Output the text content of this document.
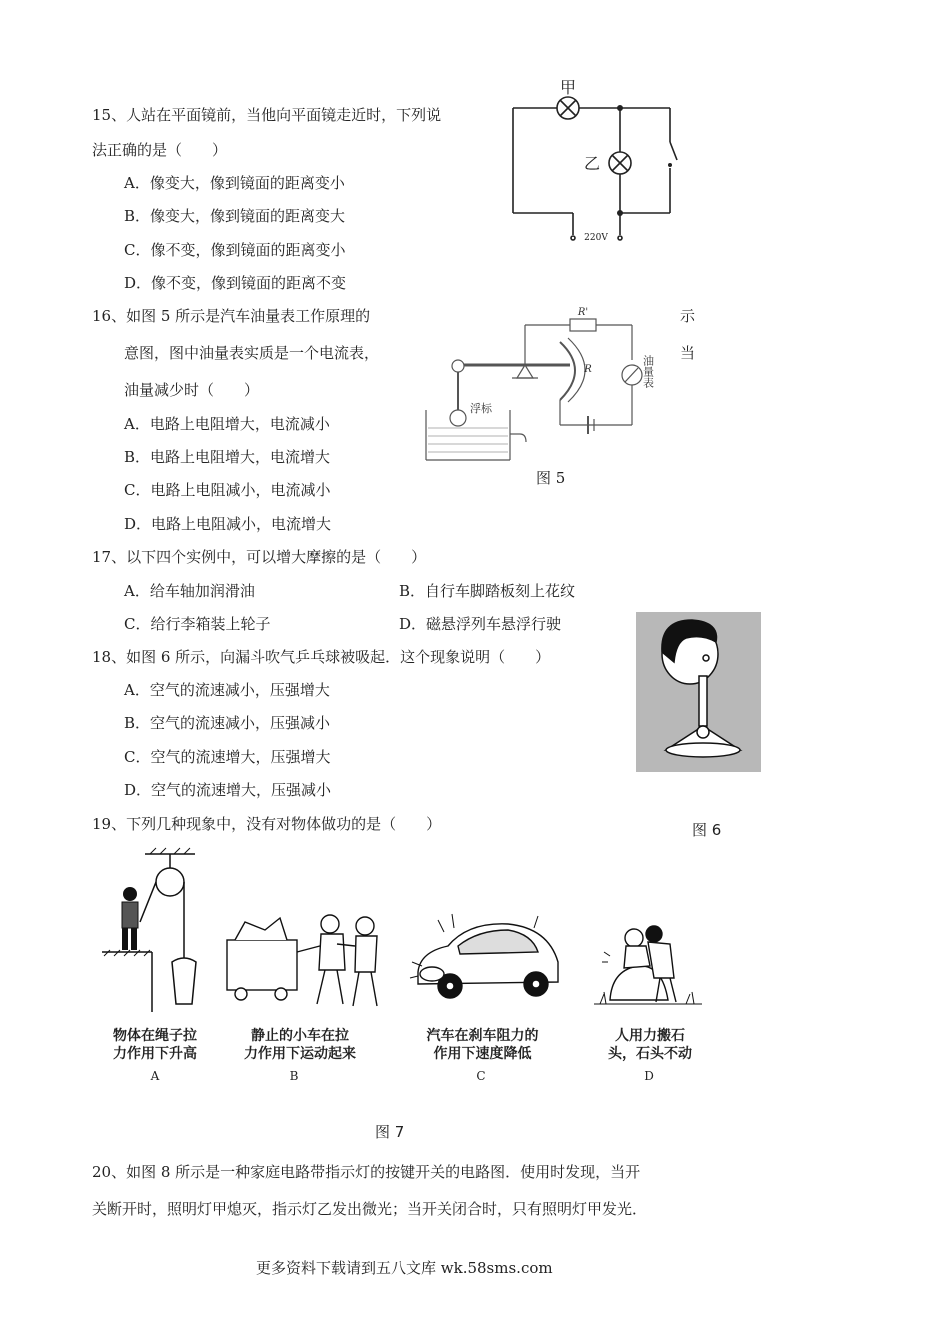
15、人站在平面镜前，当他向平面镜走近时，下列说
法正确的是（　　）
A．像变大，像到镜面的距离变小
B．像变大，像到镜面的距离变大
C．像不变，像到镜面的距离变小
D．像不变，像到镜面的距离不变
甲
乙
220V
16、如图 5 所示是汽车油量表工作原理的	示
意图，图中油量表实质是一个电流表，	当
油量减少时（　　）
A．电路上电阻增大，电流减小
B．电路上电阻增大，电流增大
C．电路上电阻减小，电流减小
D．电路上电阻减小，电流增大
R'
R
浮标
油量表
图 5
17、以下四个实例中，可以增大摩擦的是（　　）
A．给车轴加润滑油	B．自行车脚踏板刻上花纹
C．给行李箱装上轮子	D．磁悬浮列车悬浮行驶
18、如图 6 所示，向漏斗吹气乒乓球被吸起．这个现象说明（　　）
A．空气的流速减小，压强增大
B．空气的流速减小，压强减小
C．空气的流速增大，压强增大
D．空气的流速增大，压强减小
图 6
19、下列几种现象中，没有对物体做功的是（　　）
物体在绳子拉
力作用下升高
A
静止的小车在拉
力作用下运动起来
B
汽车在刹车阻力的
作用下速度降低
C
人用力搬石
头，石头不动
D
图 7
20、如图 8 所示是一种家庭电路带指示灯的按键开关的电路图．使用时发现，当开
关断开时，照明灯甲熄灭，指示灯乙发出微光；当开关闭合时，只有照明灯甲发光．
更多资料下载请到五八文库 wk.58sms.com
